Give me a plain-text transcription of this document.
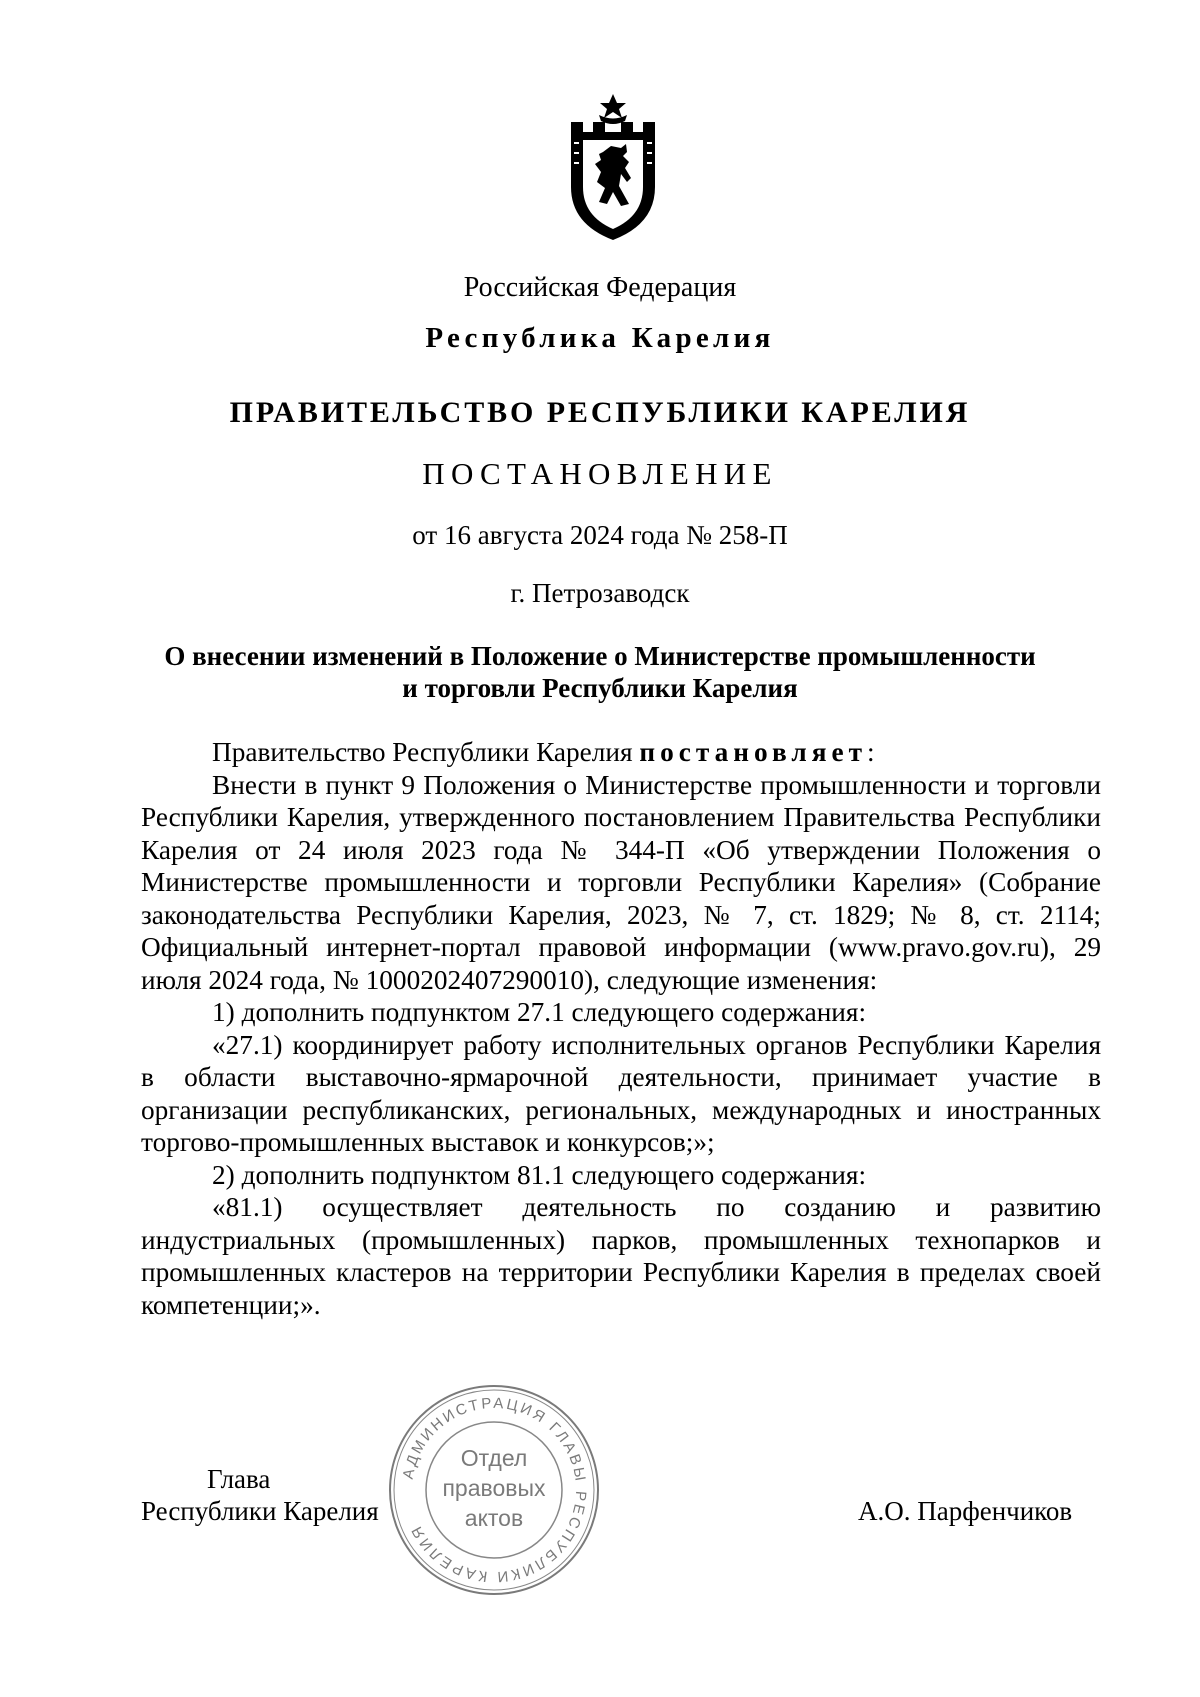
Российская Федерация
Республика Карелия
ПРАВИТЕЛЬСТВО РЕСПУБЛИКИ КАРЕЛИЯ
ПОСТАНОВЛЕНИЕ
от 16 августа 2024 года № 258-П
г. Петрозаводск
О внесении изменений в Положение о Министерстве промышленности
и торговли Республики Карелия

Правительство Республики Карелия постановляет:

Внести в пункт 9 Положения о Министерстве промышленности и торговли Республики Карелия, утвержденного постановлением Правительства Республики Карелия от 24 июля 2023 года № 344-П «Об утверждении Положения о Министерстве промышленности и торговли Республики Карелия» (Собрание законодательства Республики Карелия, 2023, № 7, ст. 1829; № 8, ст. 2114; Официальный интернет-портал правовой информации (www.pravo.gov.ru), 29 июля 2024 года, № 1000202407290010), следующие изменения:

1) дополнить подпунктом 27.1 следующего содержания:

«27.1) координирует работу исполнительных органов Республики Карелия в области выставочно-ярмарочной деятельности, принимает участие в организации республиканских, региональных, международных и иностранных торгово-промышленных выставок и конкурсов;»;

2) дополнить подпунктом 81.1 следующего содержания:

«81.1) осуществляет деятельность по созданию и развитию индустриальных (промышленных) парков, промышленных технопарков и промышленных кластеров на территории Республики Карелия в пределах своей компетенции;».

Глава
Республики Карелия	А.О. Парфенчиков
АДМИНИСТРАЦИЯ ГЛАВЫ РЕСПУБЛИКИ КАРЕЛИЯ
Отдел
правовых
актов
